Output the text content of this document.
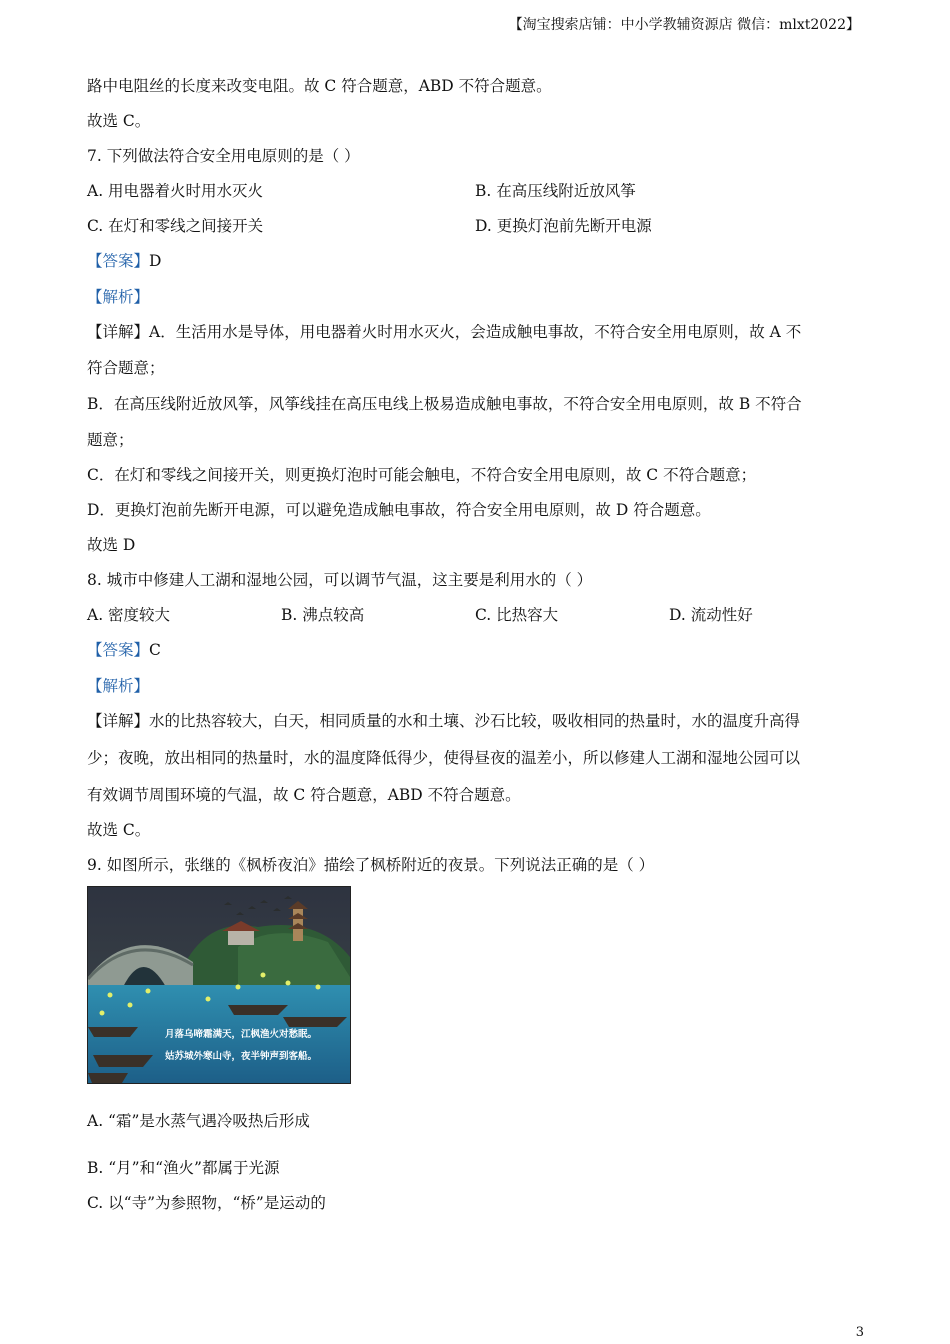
【淘宝搜索店铺：中小学教辅资源店 微信：mlxt2022】
路中电阻丝的长度来改变电阻。故 C 符合题意，ABD 不符合题意。
故选 C。
7. 下列做法符合安全用电原则的是（ ）
A. 用电器着火时用水灭火	B. 在高压线附近放风筝
C. 在灯和零线之间接开关	D. 更换灯泡前先断开电源
【答案】D
【解析】
【详解】A．生活用水是导体，用电器着火时用水灭火，会造成触电事故，不符合安全用电原则，故 A 不
符合题意；
B．在高压线附近放风筝，风筝线挂在高压电线上极易造成触电事故，不符合安全用电原则，故 B 不符合
题意；
C．在灯和零线之间接开关，则更换灯泡时可能会触电，不符合安全用电原则，故 C 不符合题意；
D．更换灯泡前先断开电源，可以避免造成触电事故，符合安全用电原则，故 D 符合题意。
故选 D
8. 城市中修建人工湖和湿地公园，可以调节气温，这主要是利用水的（ ）
A. 密度较大	B. 沸点较高	C. 比热容大	D. 流动性好
【答案】C
【解析】
【详解】水的比热容较大，白天，相同质量的水和土壤、沙石比较，吸收相同的热量时，水的温度升高得
少；夜晚，放出相同的热量时，水的温度降低得少，使得昼夜的温差小，所以修建人工湖和湿地公园可以
有效调节周围环境的气温，故 C 符合题意，ABD 不符合题意。
故选 C。
9. 如图所示，张继的《枫桥夜泊》描绘了枫桥附近的夜景。下列说法正确的是（ ）
月落乌啼霜满天，江枫渔火对愁眠。
姑苏城外寒山寺，夜半钟声到客船。
A. “霜”是水蒸气遇冷吸热后形成
B. “月”和“渔火”都属于光源
C. 以“寺”为参照物，“桥”是运动的
3
